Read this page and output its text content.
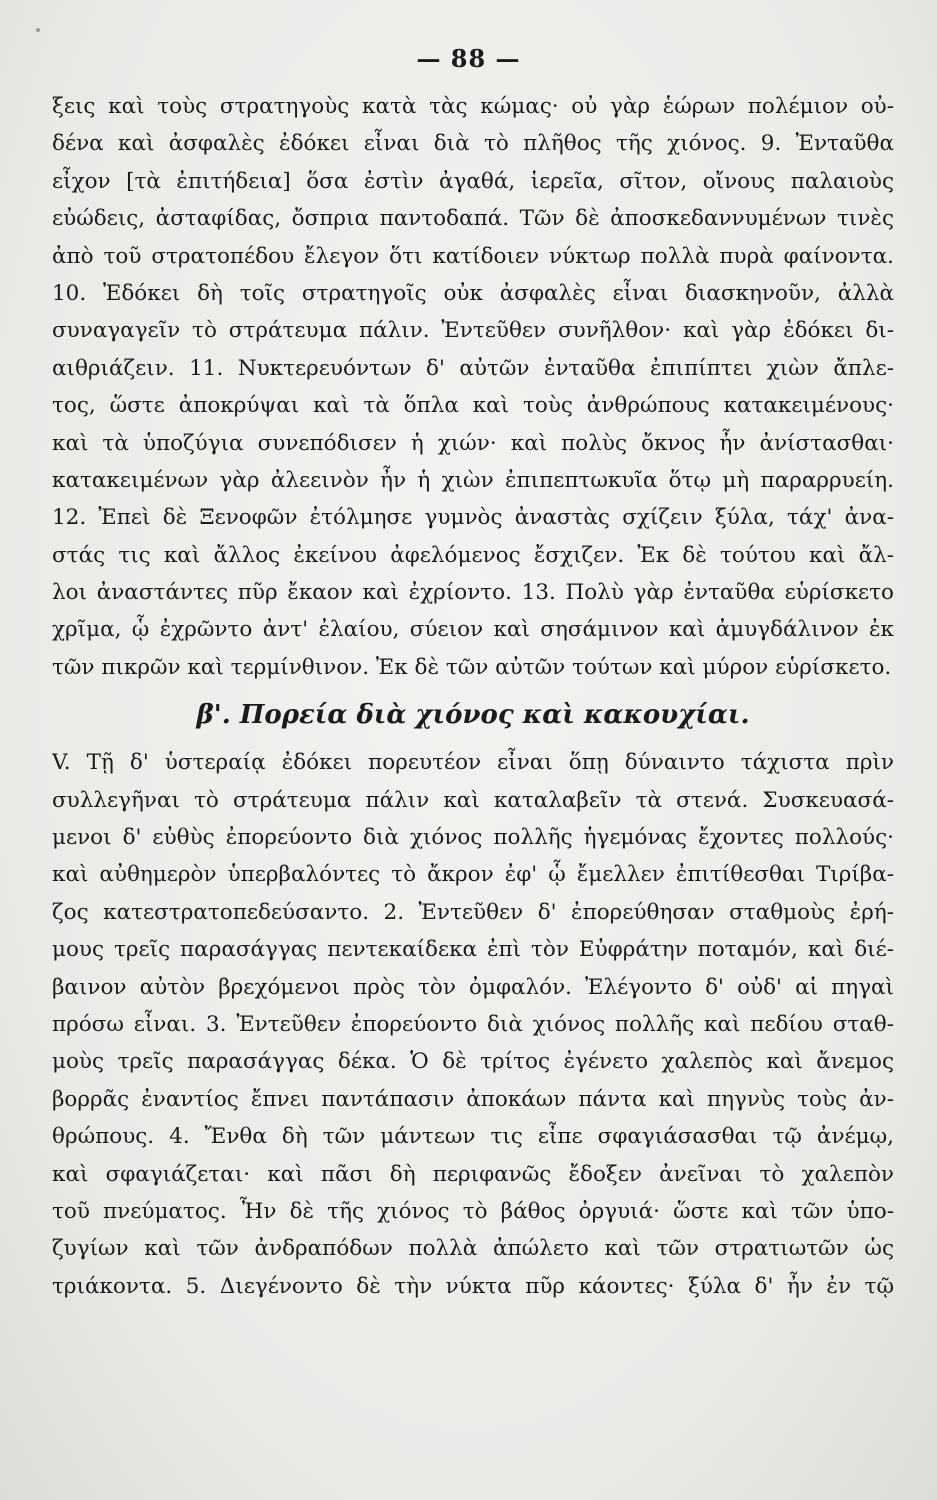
— 88 —
ξεις καὶ τοὺς στρατηγοὺς κατὰ τὰς κώμας· οὐ γὰρ ἑώρων πολέμιον οὐ-
δένα καὶ ἀσφαλὲς ἐδόκει εἶναι διὰ τὸ πλῆθος τῆς χιόνος. 9. Ἐνταῦθα
εἶχον [τὰ ἐπιτήδεια] ὅσα ἐστὶν ἀγαθά, ἱερεῖα, σῖτον, οἴνους παλαιοὺς
εὐώδεις, ἀσταφίδας, ὄσπρια παντοδαπά. Τῶν δὲ ἀποσκεδαννυμένων τινὲς
ἀπὸ τοῦ στρατοπέδου ἔλεγον ὅτι κατίδοιεν νύκτωρ πολλὰ πυρὰ φαίνοντα.
10. Ἐδόκει δὴ τοῖς στρατηγοῖς οὐκ ἀσφαλὲς εἶναι διασκηνοῦν, ἀλλὰ
συναγαγεῖν τὸ στράτευμα πάλιν. Ἐντεῦθεν συνῆλθον· καὶ γὰρ ἐδόκει δι-
αιθριάζειν. 11. Νυκτερευόντων δ' αὐτῶν ἐνταῦθα ἐπιπίπτει χιὼν ἄπλε-
τος, ὥστε ἀποκρύψαι καὶ τὰ ὅπλα καὶ τοὺς ἀνθρώπους κατακειμένους·
καὶ τὰ ὑποζύγια συνεπόδισεν ἡ χιών· καὶ πολὺς ὄκνος ἦν ἀνίστασθαι·
κατακειμένων γὰρ ἀλεεινὸν ἦν ἡ χιὼν ἐπιπεπτωκυῖα ὅτῳ μὴ παραρρυείη.
12. Ἐπεὶ δὲ Ξενοφῶν ἐτόλμησε γυμνὸς ἀναστὰς σχίζειν ξύλα, τάχ' ἀνα-
στάς τις καὶ ἄλλος ἐκείνου ἀφελόμενος ἔσχιζεν. Ἐκ δὲ τούτου καὶ ἄλ-
λοι ἀναστάντες πῦρ ἔκαον καὶ ἐχρίοντο. 13. Πολὺ γὰρ ἐνταῦθα εὑρίσκετο
χρῖμα, ᾧ ἐχρῶντο ἀντ' ἐλαίου, σύειον καὶ σησάμινον καὶ ἀμυγδάλινον ἐκ
τῶν πικρῶν καὶ τερμίνθινον. Ἐκ δὲ τῶν αὐτῶν τούτων καὶ μύρον εὑρίσκετο.
β'. Πορεία διὰ χιόνος καὶ κακουχίαι.
V. Τῇ δ' ὑστεραίᾳ ἐδόκει πορευτέον εἶναι ὅπῃ δύναιντο τάχιστα πρὶν
συλλεγῆναι τὸ στράτευμα πάλιν καὶ καταλαβεῖν τὰ στενά. Συσκευασά-
μενοι δ' εὐθὺς ἐπορεύοντο διὰ χιόνος πολλῆς ἡγεμόνας ἔχοντες πολλούς·
καὶ αὐθημερὸν ὑπερβαλόντες τὸ ἄκρον ἐφ' ᾧ ἔμελλεν ἐπιτίθεσθαι Τιρίβα-
ζος κατεστρατοπεδεύσαντο. 2. Ἐντεῦθεν δ' ἐπορεύθησαν σταθμοὺς ἐρή-
μους τρεῖς παρασάγγας πεντεκαίδεκα ἐπὶ τὸν Εὐφράτην ποταμόν, καὶ διέ-
βαινον αὐτὸν βρεχόμενοι πρὸς τὸν ὀμφαλόν. Ἐλέγοντο δ' οὐδ' αἱ πηγαὶ
πρόσω εἶναι. 3. Ἐντεῦθεν ἐπορεύοντο διὰ χιόνος πολλῆς καὶ πεδίου σταθ-
μοὺς τρεῖς παρασάγγας δέκα. Ὁ δὲ τρίτος ἐγένετο χαλεπὸς καὶ ἄνεμος
βορρᾶς ἐναντίος ἔπνει παντάπασιν ἀποκάων πάντα καὶ πηγνὺς τοὺς ἀν-
θρώπους. 4. Ἔνθα δὴ τῶν μάντεων τις εἶπε σφαγιάσασθαι τῷ ἀνέμῳ,
καὶ σφαγιάζεται· καὶ πᾶσι δὴ περιφανῶς ἔδοξεν ἀνεῖναι τὸ χαλεπὸν
τοῦ πνεύματος. Ἦν δὲ τῆς χιόνος τὸ βάθος ὀργυιά· ὥστε καὶ τῶν ὑπο-
ζυγίων καὶ τῶν ἀνδραπόδων πολλὰ ἀπώλετο καὶ τῶν στρατιωτῶν ὡς
τριάκοντα. 5. Διεγένοντο δὲ τὴν νύκτα πῦρ κάοντες· ξύλα δ' ἦν ἐν τῷ
